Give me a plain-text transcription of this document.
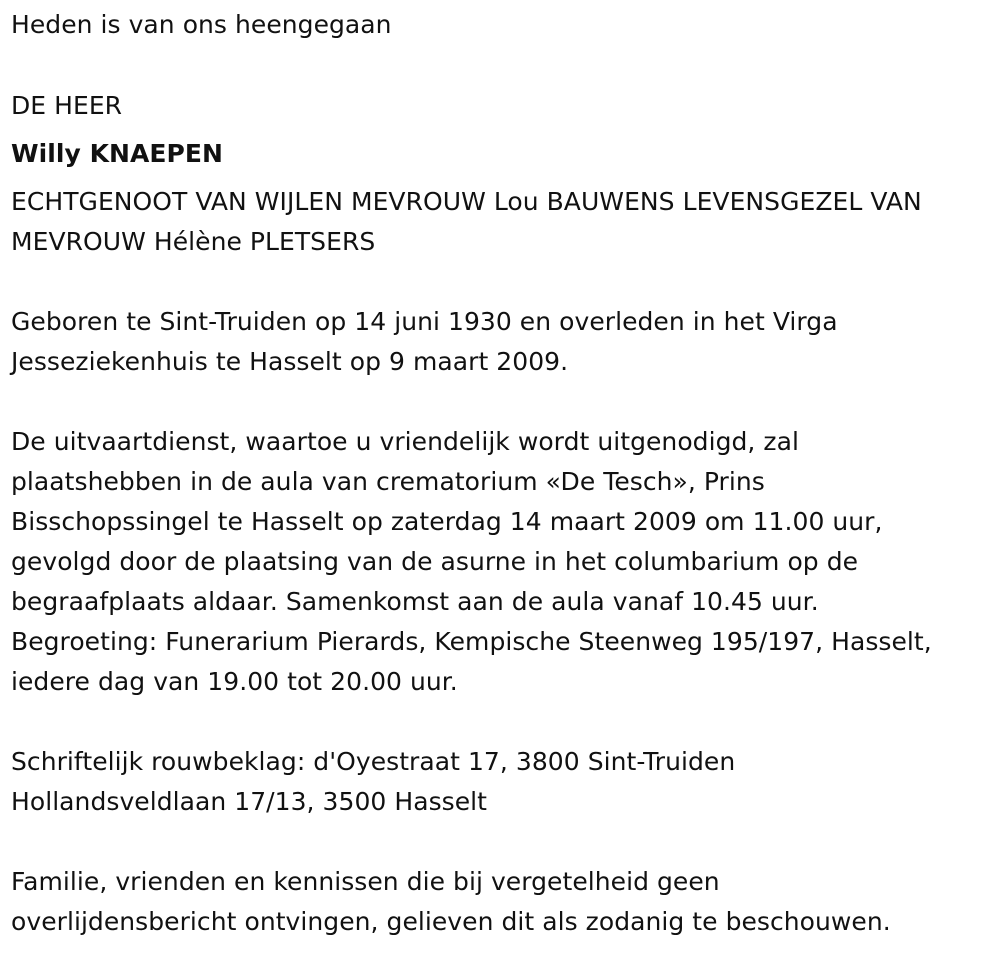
Heden is van ons heengegaan
DE HEER
Willy KNAEPEN
ECHTGENOOT VAN WIJLEN MEVROUW Lou BAUWENS LEVENSGEZEL VAN
MEVROUW Hélène PLETSERS
Geboren te Sint-Truiden op 14 juni 1930 en overleden in het Virga
Jesseziekenhuis te Hasselt op 9 maart 2009.
De uitvaartdienst, waartoe u vriendelijk wordt uitgenodigd, zal
plaatshebben in de aula van crematorium «De Tesch», Prins
Bisschopssingel te Hasselt op zaterdag 14 maart 2009 om 11.00 uur,
gevolgd door de plaatsing van de asurne in het columbarium op de
begraafplaats aldaar. Samenkomst aan de aula vanaf 10.45 uur.
Begroeting: Funerarium Pierards, Kempische Steenweg 195/197, Hasselt,
iedere dag van 19.00 tot 20.00 uur.
Schriftelijk rouwbeklag: d'Oyestraat 17, 3800 Sint-Truiden
Hollandsveldlaan 17/13, 3500 Hasselt
Familie, vrienden en kennissen die bij vergetelheid geen
overlijdensbericht ontvingen, gelieven dit als zodanig te beschouwen.
